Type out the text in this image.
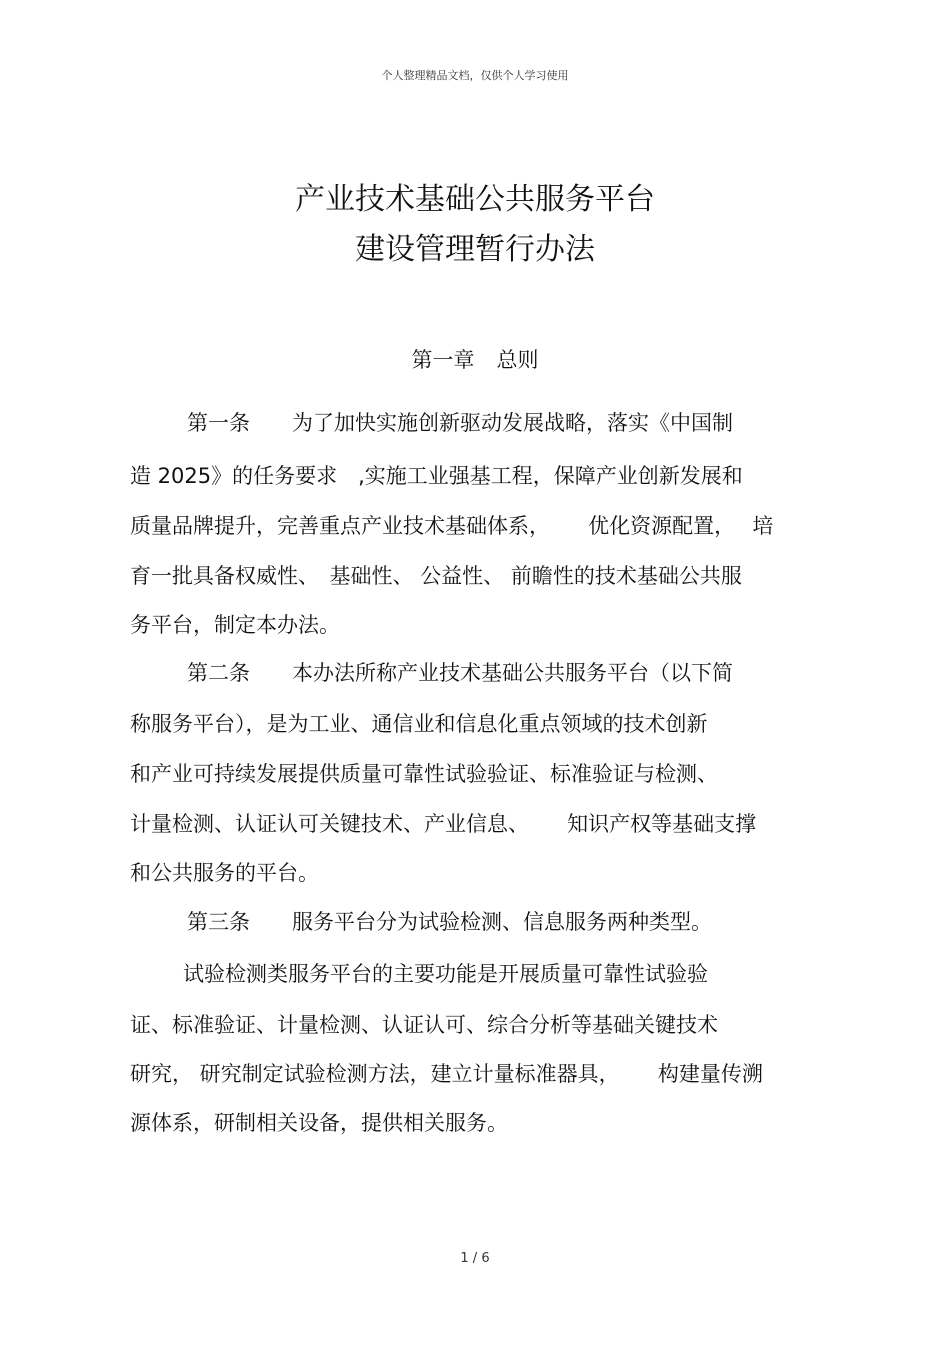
个人整理精品文档，仅供个人学习使用
产业技术基础公共服务平台
建设管理暂行办法
第一章 总则
第一条　　为了加快实施创新驱动发展战略，落实《中国制
造 2025》的任务要求　,实施工业强基工程，保障产业创新发展和
质量品牌提升，完善重点产业技术基础体系，　　 优化资源配置，　 培
育一批具备权威性、　基础性、 公益性、 前瞻性的技术基础公共服
务平台，制定本办法。
第二条　　本办法所称产业技术基础公共服务平台（以下简
称服务平台），是为工业、通信业和信息化重点领域的技术创新
和产业可持续发展提供质量可靠性试验验证、标准验证与检测、
计量检测、认证认可关键技术、产业信息、　　 知识产权等基础支撑
和公共服务的平台。
第三条　　服务平台分为试验检测、信息服务两种类型。
试验检测类服务平台的主要功能是开展质量可靠性试验验
证、标准验证、计量检测、认证认可、综合分析等基础关键技术
研究， 研究制定试验检测方法，建立计量标准器具，　　 构建量传溯
源体系，研制相关设备，提供相关服务。
1 / 6
